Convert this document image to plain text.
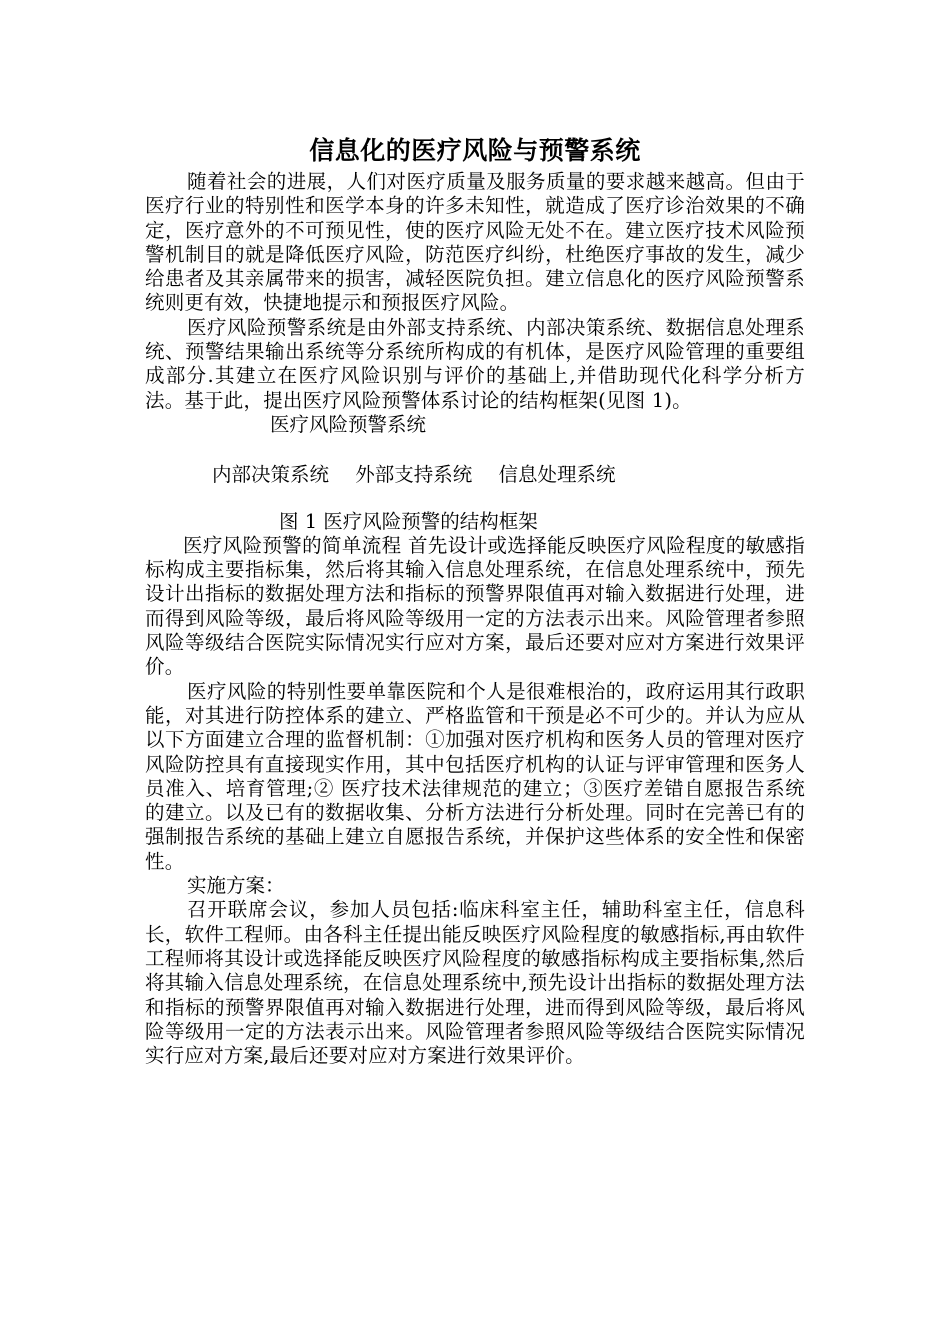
信息化的医疗风险与预警系统

随着社会的进展，人们对医疗质量及服务质量的要求越来越高。但由于医疗行业的特别性和医学本身的许多未知性，就造成了医疗诊治效果的不确定，医疗意外的不可预见性，使的医疗风险无处不在。建立医疗技术风险预警机制目的就是降低医疗风险，防范医疗纠纷，杜绝医疗事故的发生，减少给患者及其亲属带来的损害，减轻医院负担。建立信息化的医疗风险预警系统则更有效，快捷地提示和预报医疗风险。

医疗风险预警系统是由外部支持系统、内部决策系统、数据信息处理系统、预警结果输出系统等分系统所构成的有机体，是医疗风险管理的重要组成部分.其建立在医疗风险识别与评价的基础上,并借助现代化科学分析方法。基于此，提出医疗风险预警体系讨论的结构框架(见图 1)。

医疗风险预警系统

内部决策系统 外部支持系统 信息处理系统

图 1 医疗风险预警的结构框架

医疗风险预警的简单流程 首先设计或选择能反映医疗风险程度的敏感指标构成主要指标集，然后将其输入信息处理系统，在信息处理系统中，预先设计出指标的数据处理方法和指标的预警界限值再对输入数据进行处理，进而得到风险等级，最后将风险等级用一定的方法表示出来。风险管理者参照风险等级结合医院实际情况实行应对方案，最后还要对应对方案进行效果评价。

医疗风险的特别性要单靠医院和个人是很难根治的，政府运用其行政职能，对其进行防控体系的建立、严格监管和干预是必不可少的。并认为应从以下方面建立合理的监督机制：①加强对医疗机构和医务人员的管理对医疗风险防控具有直接现实作用，其中包括医疗机构的认证与评审管理和医务人员准入、培育管理;② 医疗技术法律规范的建立；③医疗差错自愿报告系统的建立。以及已有的数据收集、分析方法进行分析处理。同时在完善已有的强制报告系统的基础上建立自愿报告系统，并保护这些体系的安全性和保密性。

实施方案：

召开联席会议，参加人员包括:临床科室主任，辅助科室主任，信息科长，软件工程师。由各科主任提出能反映医疗风险程度的敏感指标,再由软件工程师将其设计或选择能反映医疗风险程度的敏感指标构成主要指标集,然后将其输入信息处理系统，在信息处理系统中,预先设计出指标的数据处理方法和指标的预警界限值再对输入数据进行处理，进而得到风险等级，最后将风险等级用一定的方法表示出来。风险管理者参照风险等级结合医院实际情况实行应对方案,最后还要对应对方案进行效果评价。
